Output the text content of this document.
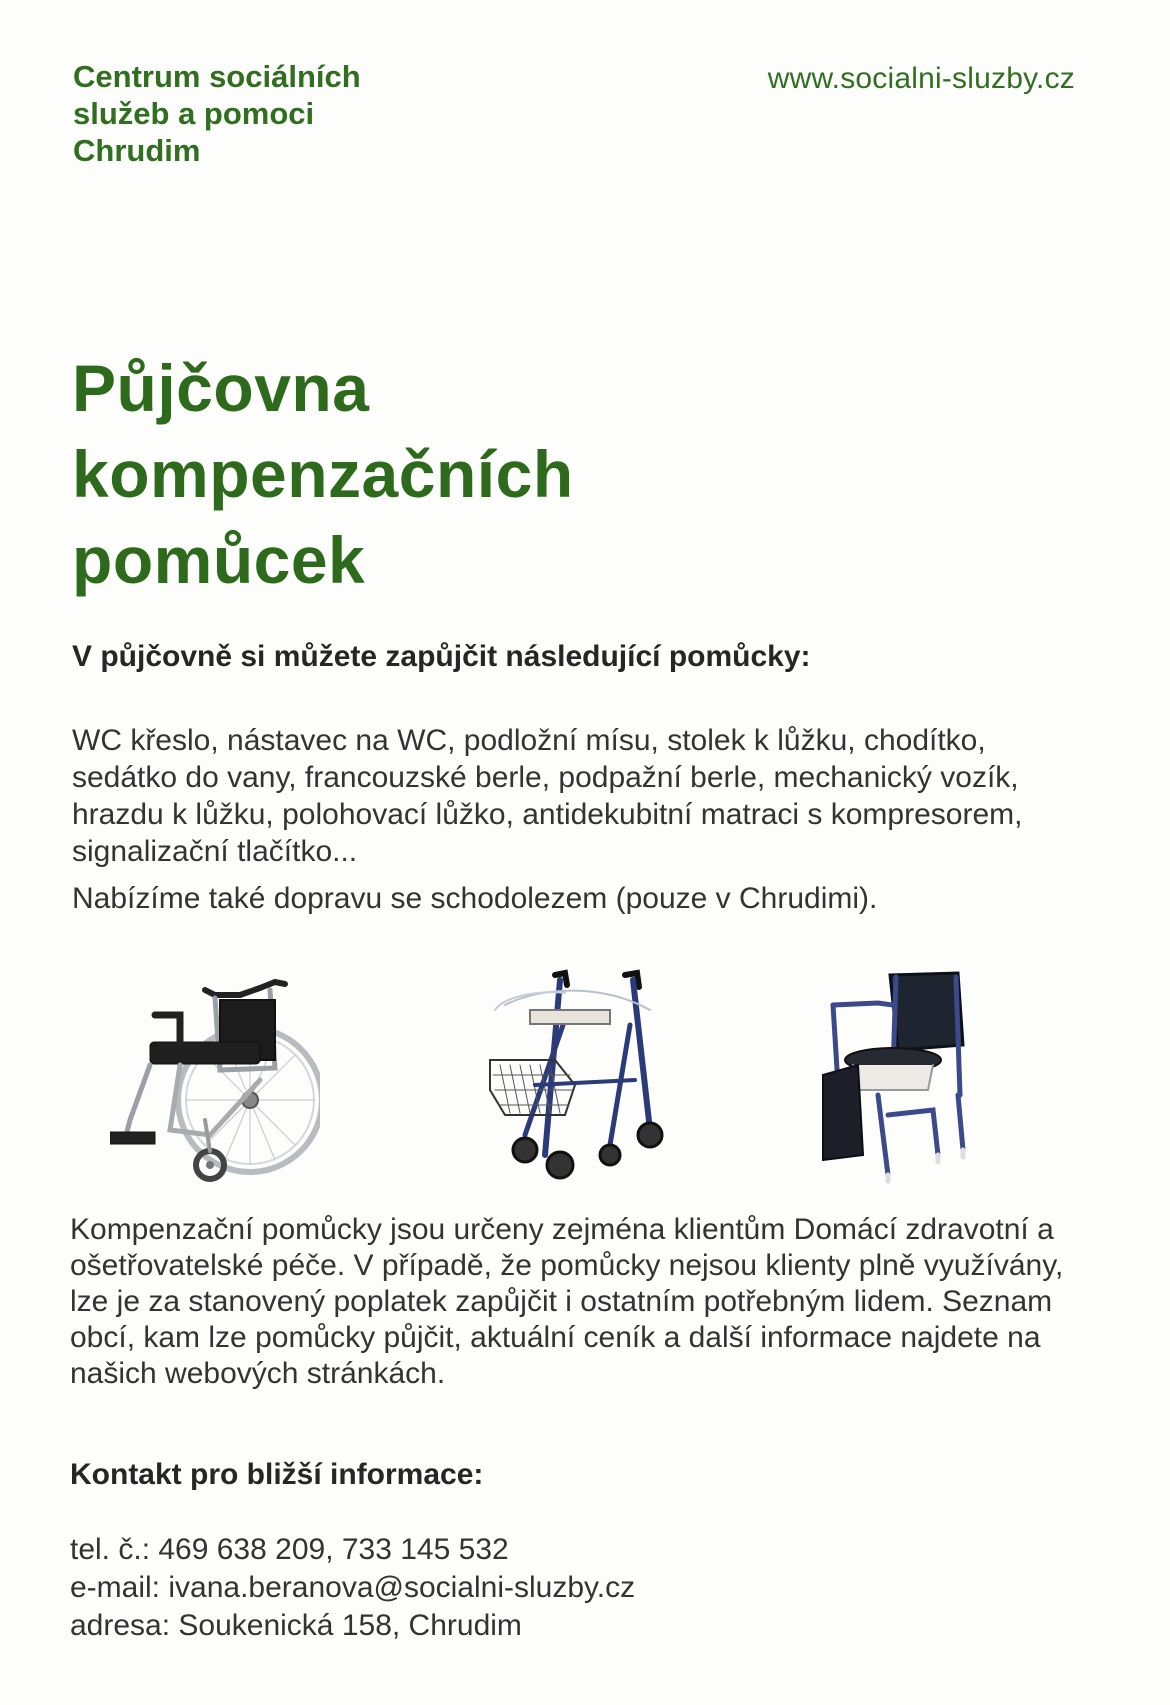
Centrum sociálních
služeb a pomoci
Chrudim
www.socialni-sluzby.cz
Půjčovna
kompenzačních
pomůcek
V půjčovně si můžete zapůjčit následující pomůcky:

WC křeslo, nástavec na WC, podložní mísu, stolek k lůžku, chodítko, sedátko do vany, francouzské berle, podpažní berle, mechanický vozík, hrazdu k lůžku, polohovací lůžko, antidekubitní matraci s kompresorem, signalizační tlačítko...

Nabízíme také dopravu se schodolezem (pouze v Chrudimi).

Kompenzační pomůcky jsou určeny zejména klientům Domácí zdravotní a ošetřovatelské péče. V případě, že pomůcky nejsou klienty plně využívány, lze je za stanovený poplatek zapůjčit i ostatním potřebným lidem. Seznam obcí, kam lze pomůcky půjčit, aktuální ceník a další informace najdete na našich webových stránkách.

Kontakt pro bližší informace:
tel. č.: 469 638 209, 733 145 532
e-mail: ivana.beranova@socialni-sluzby.cz
adresa: Soukenická 158, Chrudim
